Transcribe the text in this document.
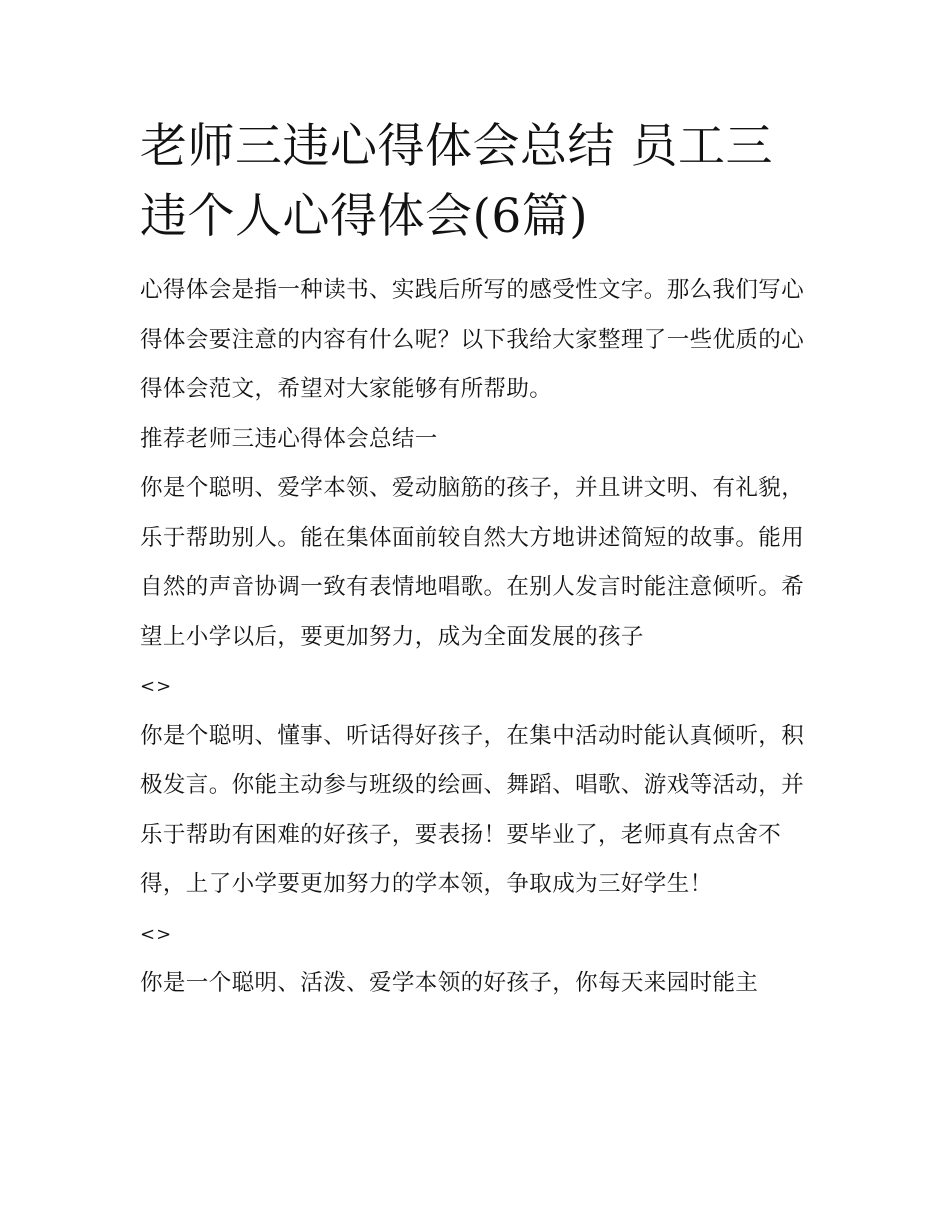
老师三违心得体会总结 员工三违个人心得体会(6篇)

心得体会是指一种读书、实践后所写的感受性文字。那么我们写心得体会要注意的内容有什么呢？以下我给大家整理了一些优质的心得体会范文，希望对大家能够有所帮助。

推荐老师三违心得体会总结一

你是个聪明、爱学本领、爱动脑筋的孩子，并且讲文明、有礼貌，乐于帮助别人。能在集体面前较自然大方地讲述简短的故事。能用自然的声音协调一致有表情地唱歌。在别人发言时能注意倾听。希望上小学以后，要更加努力，成为全面发展的孩子

<>

你是个聪明、懂事、听话得好孩子，在集中活动时能认真倾听，积极发言。你能主动参与班级的绘画、舞蹈、唱歌、游戏等活动，并乐于帮助有困难的好孩子，要表扬！要毕业了，老师真有点舍不得，上了小学要更加努力的学本领，争取成为三好学生！

<>

你是一个聪明、活泼、爱学本领的好孩子，你每天来园时能主
